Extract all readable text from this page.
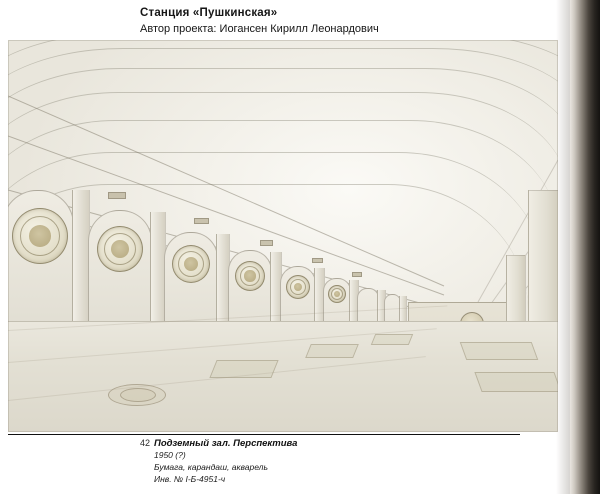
Станция «Пушкинская»
Автор проекта: Иогансен Кирилл Леонардович
42 Подземный зал. Перспектива
1950 (?)
Бумага, карандаш, акварель
Инв. № I-Б-4951-ч
